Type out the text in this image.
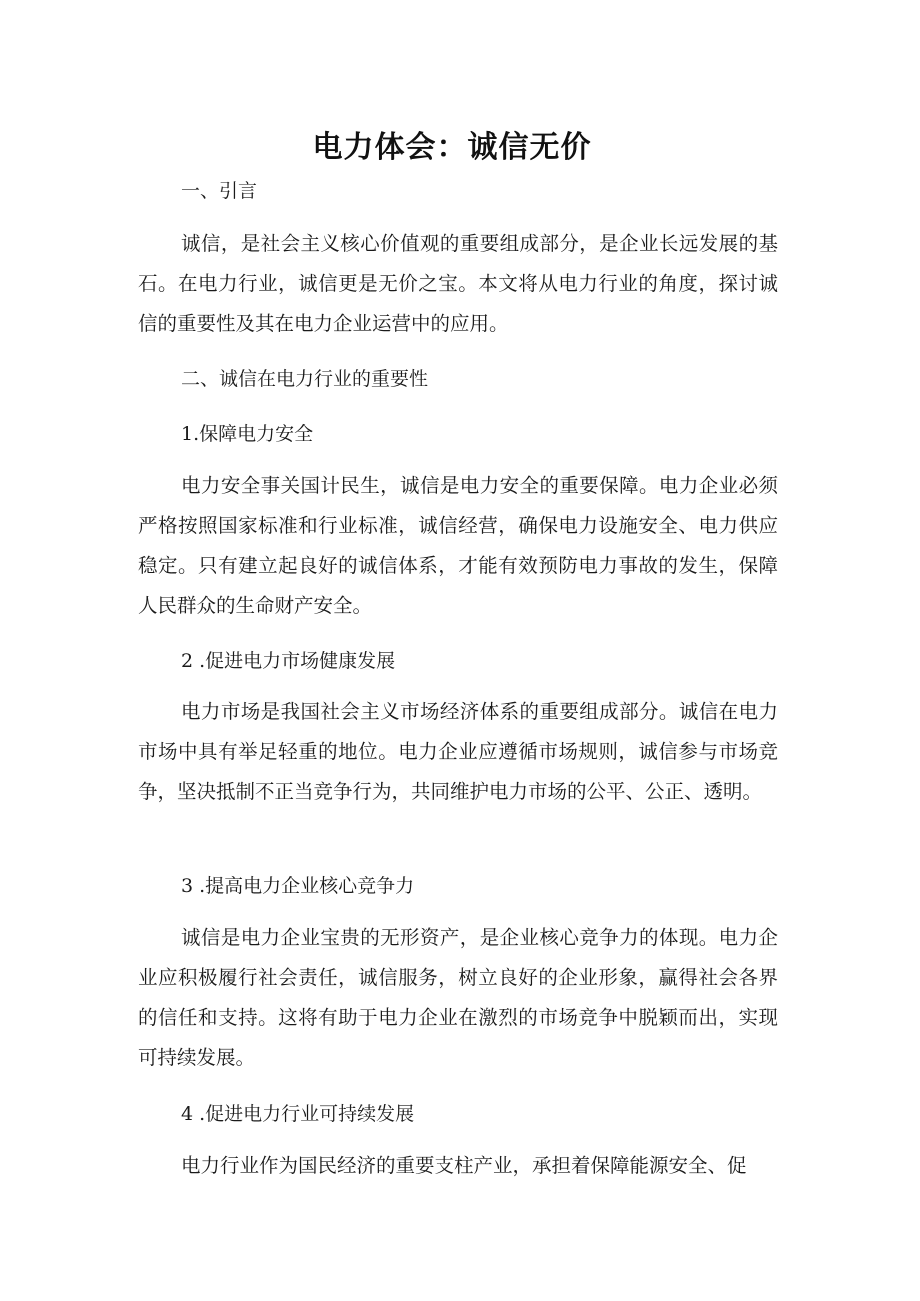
电力体会：诚信无价

一、引言

诚信，是社会主义核心价值观的重要组成部分，是企业长远发展的基石。在电力行业，诚信更是无价之宝。本文将从电力行业的角度，探讨诚信的重要性及其在电力企业运营中的应用。

二、诚信在电力行业的重要性

1.保障电力安全

电力安全事关国计民生，诚信是电力安全的重要保障。电力企业必须严格按照国家标准和行业标准，诚信经营，确保电力设施安全、电力供应稳定。只有建立起良好的诚信体系，才能有效预防电力事故的发生，保障人民群众的生命财产安全。

2 .促进电力市场健康发展

电力市场是我国社会主义市场经济体系的重要组成部分。诚信在电力市场中具有举足轻重的地位。电力企业应遵循市场规则，诚信参与市场竞争，坚决抵制不正当竞争行为，共同维护电力市场的公平、公正、透明。

3 .提高电力企业核心竞争力

诚信是电力企业宝贵的无形资产，是企业核心竞争力的体现。电力企业应积极履行社会责任，诚信服务，树立良好的企业形象，赢得社会各界的信任和支持。这将有助于电力企业在激烈的市场竞争中脱颖而出，实现可持续发展。

4 .促进电力行业可持续发展

电力行业作为国民经济的重要支柱产业，承担着保障能源安全、促
